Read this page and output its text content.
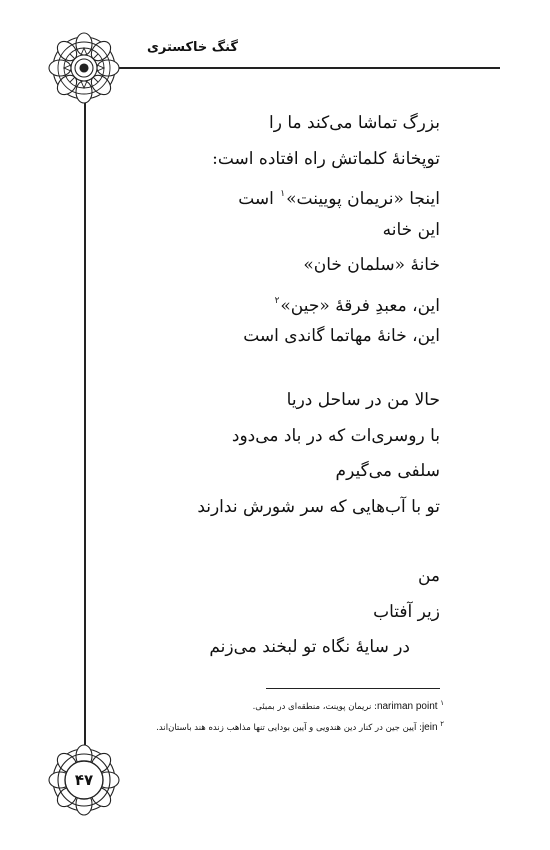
گنگ خاکستری
بزرگ تماشا می‌کند ما را
توپخانهٔ کلماتش راه افتاده است:
اینجا «نریمان پویینت»$^۱$ است
این خانه
خانهٔ «سلمان خان»
این، معبدِ فرقهٔ «جین»$^۲$
این، خانهٔ مهاتما گاندی است
حالا من در ساحل دریا
با روسری‌ات که در باد می‌دود
سلفی می‌گیرم
تو با آب‌هایی که سر شورش ندارند
من
زیر آفتاب
در سایهٔ نگاه تو لبخند می‌زنم
$^۱$ nariman point: نریمان پوینت، منطقه‌ای در بمبئی.
$^۲$ jein: آیین جین در کنار دین هندویی و آیین بودایی تنها مذاهب زنده هند باستان‌اند.
۴۷
